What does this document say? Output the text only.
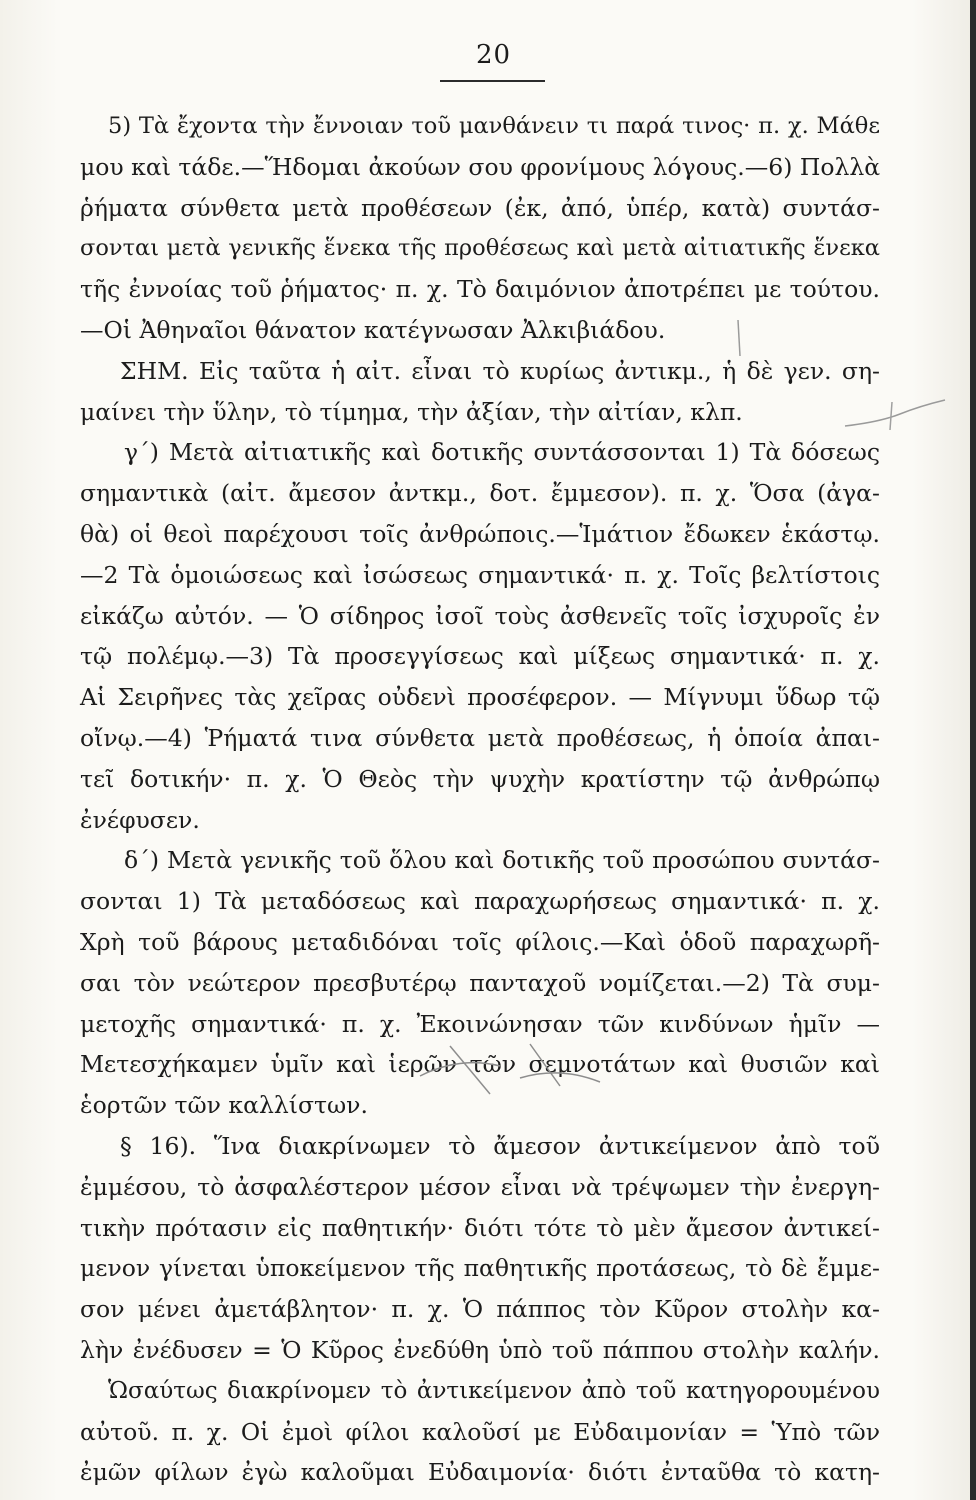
20
5) Τὰ ἔχοντα τὴν ἔννοιαν τοῦ μανθάνειν τι παρά τινος· π. χ. Μάθε
μου καὶ τάδε.—Ἥδομαι ἀκούων σου φρονίμους λόγους.—6) Πολλὰ
ῥήματα σύνθετα μετὰ προθέσεων (ἐκ, ἀπό, ὑπέρ, κατὰ) συντάσ-
σονται μετὰ γενικῆς ἕνεκα τῆς προθέσεως καὶ μετὰ αἰτιατικῆς ἕνεκα
τῆς ἐννοίας τοῦ ῥήματος· π. χ. Τὸ δαιμόνιον ἀποτρέπει με τούτου.
—Οἱ Ἀθηναῖοι θάνατον κατέγνωσαν Ἀλκιβιάδου.
ΣΗΜ. Εἰς ταῦτα ἡ αἰτ. εἶναι τὸ κυρίως ἀντικμ., ἡ δὲ γεν. ση-
μαίνει τὴν ὕλην, τὸ τίμημα, τὴν ἀξίαν, τὴν αἰτίαν, κλπ.
γ΄) Μετὰ αἰτιατικῆς καὶ δοτικῆς συντάσσονται 1) Τὰ δόσεως
σημαντικὰ (αἰτ. ἄμεσον ἀντκμ., δοτ. ἔμμεσον). π. χ. Ὅσα (ἀγα-
θὰ) οἱ θεοὶ παρέχουσι τοῖς ἀνθρώποις.—Ἱμάτιον ἔδωκεν ἑκάστῳ.
—2 Τὰ ὁμοιώσεως καὶ ἰσώσεως σημαντικά· π. χ. Τοῖς βελτίστοις
εἰκάζω αὐτόν. — Ὁ σίδηρος ἰσοῖ τοὺς ἀσθενεῖς τοῖς ἰσχυροῖς ἐν
τῷ πολέμῳ.—3) Τὰ προσεγγίσεως καὶ μίξεως σημαντικά· π. χ.
Αἱ Σειρῆνες τὰς χεῖρας οὐδενὶ προσέφερον. — Μίγνυμι ὕδωρ τῷ
οἴνῳ.—4) Ῥήματά τινα σύνθετα μετὰ προθέσεως, ἡ ὁποία ἀπαι-
τεῖ δοτικήν· π. χ. Ὁ Θεὸς τὴν ψυχὴν κρατίστην τῷ ἀνθρώπῳ
ἐνέφυσεν.
δ΄) Μετὰ γενικῆς τοῦ ὅλου καὶ δοτικῆς τοῦ προσώπου συντάσ-
σονται 1) Τὰ μεταδόσεως καὶ παραχωρήσεως σημαντικά· π. χ.
Χρὴ τοῦ βάρους μεταδιδόναι τοῖς φίλοις.—Καὶ ὁδοῦ παραχωρῆ-
σαι τὸν νεώτερον πρεσβυτέρῳ πανταχοῦ νομίζεται.—2) Τὰ συμ-
μετοχῆς σημαντικά· π. χ. Ἐκοινώνησαν τῶν κινδύνων ἡμῖν —
Μετεσχήκαμεν ὑμῖν καὶ ἱερῶν τῶν σεμνοτάτων καὶ θυσιῶν καὶ
ἑορτῶν τῶν καλλίστων.
§ 16). Ἵνα διακρίνωμεν τὸ ἄμεσον ἀντικείμενον ἀπὸ τοῦ
ἐμμέσου, τὸ ἀσφαλέστερον μέσον εἶναι νὰ τρέψωμεν τὴν ἐνεργη-
τικὴν πρότασιν εἰς παθητικήν· διότι τότε τὸ μὲν ἄμεσον ἀντικεί-
μενον γίνεται ὑποκείμενον τῆς παθητικῆς προτάσεως, τὸ δὲ ἔμμε-
σον μένει ἀμετάβλητον· π. χ. Ὁ πάππος τὸν Κῦρον στολὴν κα-
λὴν ἐνέδυσεν = Ὁ Κῦρος ἐνεδύθη ὑπὸ τοῦ πάππου στολὴν καλήν.
Ὡσαύτως διακρίνομεν τὸ ἀντικείμενον ἀπὸ τοῦ κατηγορουμένου
αὐτοῦ. π. χ. Οἱ ἐμοὶ φίλοι καλοῦσί με Εὐδαιμονίαν = Ὑπὸ τῶν
ἐμῶν φίλων ἐγὼ καλοῦμαι Εὐδαιμονία· διότι ἐνταῦθα τὸ κατη-
